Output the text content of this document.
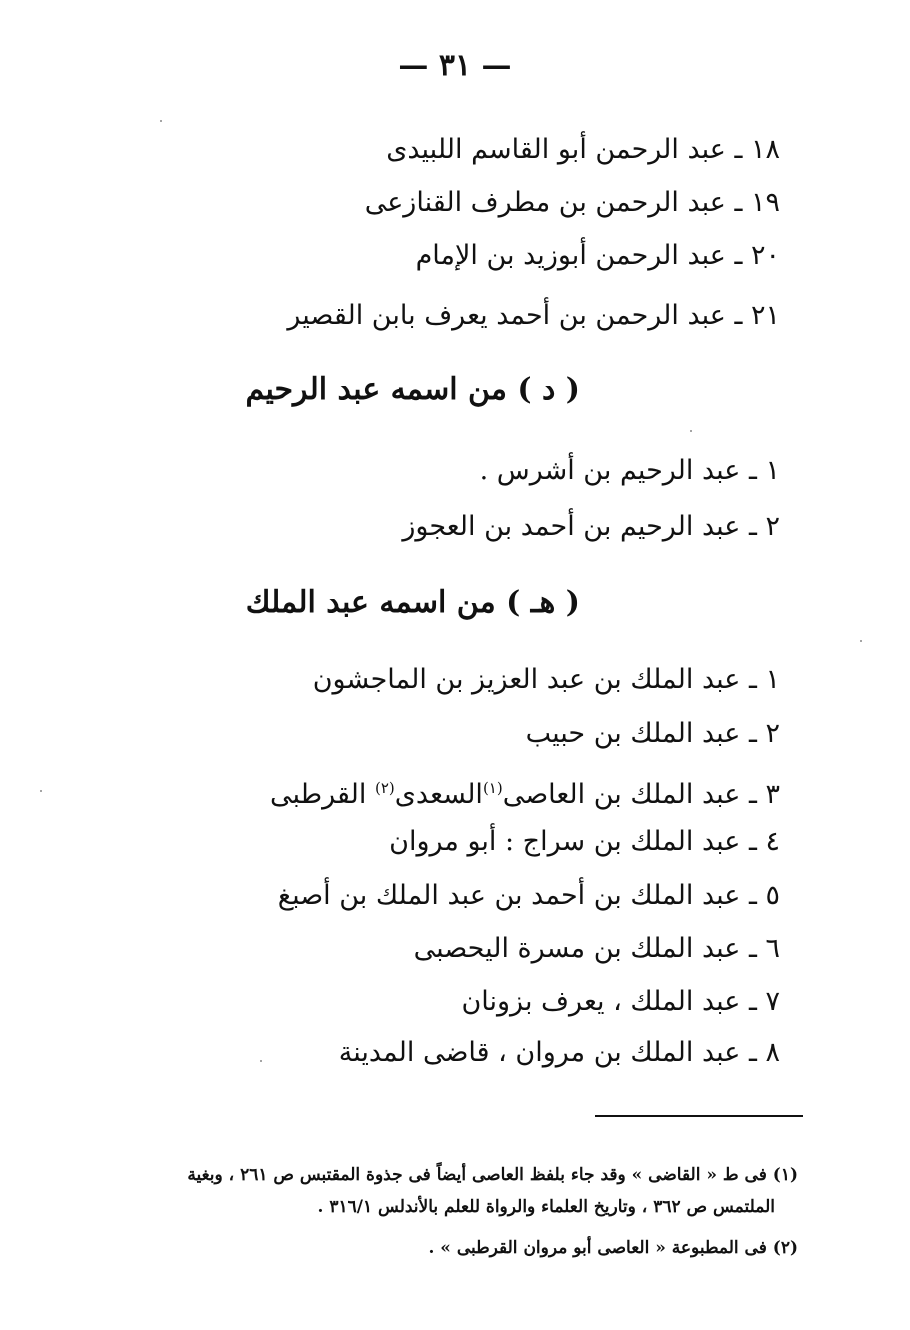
— ٣١ —
١٨ ـ عبد الرحمن أبو القاسم اللبيدى
١٩ ـ عبد الرحمن بن مطرف القنازعى
٢٠ ـ عبد الرحمن أبوزيد بن الإمام
٢١ ـ عبد الرحمن بن أحمد يعرف بابن القصير
( د ) من اسمه عبد الرحيم
١ ـ عبد الرحيم بن أشرس .
٢ ـ عبد الرحيم بن أحمد بن العجوز
( هـ ) من اسمه عبد الملك
١ ـ عبد الملك بن عبد العزيز بن الماجشون
٢ ـ عبد الملك بن حبيب
٣ ـ عبد الملك بن العاصى$^{(١)}$السعدى$^{(٢)}$ القرطبى
٤ ـ عبد الملك بن سراج : أبو مروان
٥ ـ عبد الملك بن أحمد بن عبد الملك بن أصبغ
٦ ـ عبد الملك بن مسرة اليحصبى
٧ ـ عبد الملك ، يعرف بزونان
٨ ـ عبد الملك بن مروان ، قاضى المدينة
(١) فى ط « القاضى » وقد جاء بلفظ العاصى أيضاً فى جذوة المقتبس ص ٢٦١ ، وبغية
الملتمس ص ٣٦٢ ، وتاريخ العلماء والرواة للعلم بالأندلس ٣١٦/١ .
(٢) فى المطبوعة « العاصى أبو مروان القرطبى » .
